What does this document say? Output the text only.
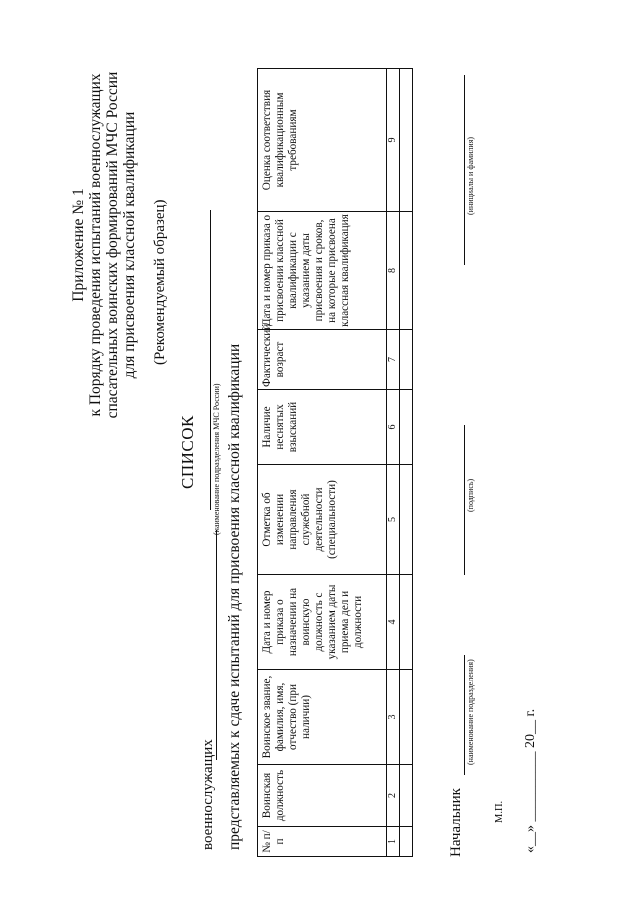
Приложение № 1 к Порядку проведения испытаний военнослужащих спасательных воинских формирований МЧС России для присвоения классной квалификации (Рекомендуемый образец)
СПИСОК (наименование подразделения МЧС России)
военнослужащих представляемых к сдаче испытаний для присвоения классной квалификации № п/п	Воинская должность	Воинское звание, фамилия, имя, отчество (при наличии)	Дата и номер приказа о назначении на воинскую должность с указанием даты приема дел и должности	Отметка об изменении направления служебной деятельности (специальности)	Наличие неснятых взысканий	Фактический возраст	Дата и номер приказа о присвоении классной квалификации с указанием даты присвоения и сроков, на которые присвоена классная квалификация	Оценка соответствия квалификационным требованиям
1	2	3	4	5	6	7	8	9

Начальник
(наименование подразделения)
(подпись)
(инициалы и фамилия)
М.П. «__» __________ 20__ г.
